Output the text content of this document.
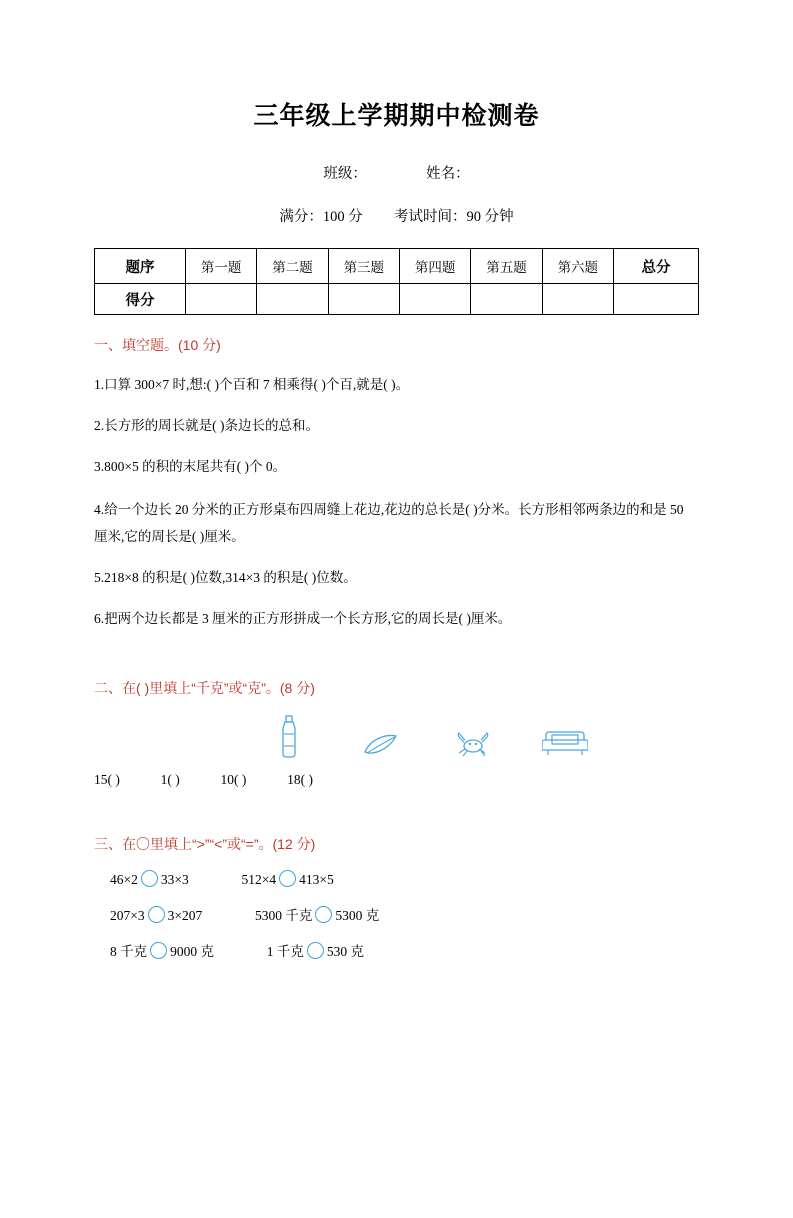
三年级上学期期中检测卷
班级：	姓名：
满分：100 分 考试时间：90 分钟
题序	第一题	第二题	第三题	第四题	第五题	第六题	总分
得分							
一、填空题。(10 分)
1.口算 300×7 时,想:( )个百和 7 相乘得( )个百,就是( )。
2.长方形的周长就是( )条边长的总和。
3.800×5 的积的末尾共有( )个 0。
4.给一个边长 20 分米的正方形桌布四周缝上花边,花边的总长是( )分米。长方形相邻两条边的和是 50 厘米,它的周长是( )厘米。
5.218×8 的积是( )位数,314×3 的积是( )位数。
6.把两个边长都是 3 厘米的正方形拼成一个长方形,它的周长是( )厘米。
二、在( )里填上“千克”或“克”。(8 分)
15( )	1( )	10( )	18( )
三、在〇里填上“>”“<”或“=”。(12 分)
46×2 33×3	512×4 413×5
207×3 3×207	5300 千克 5300 克
8 千克 9000 克	1 千克 530 克
